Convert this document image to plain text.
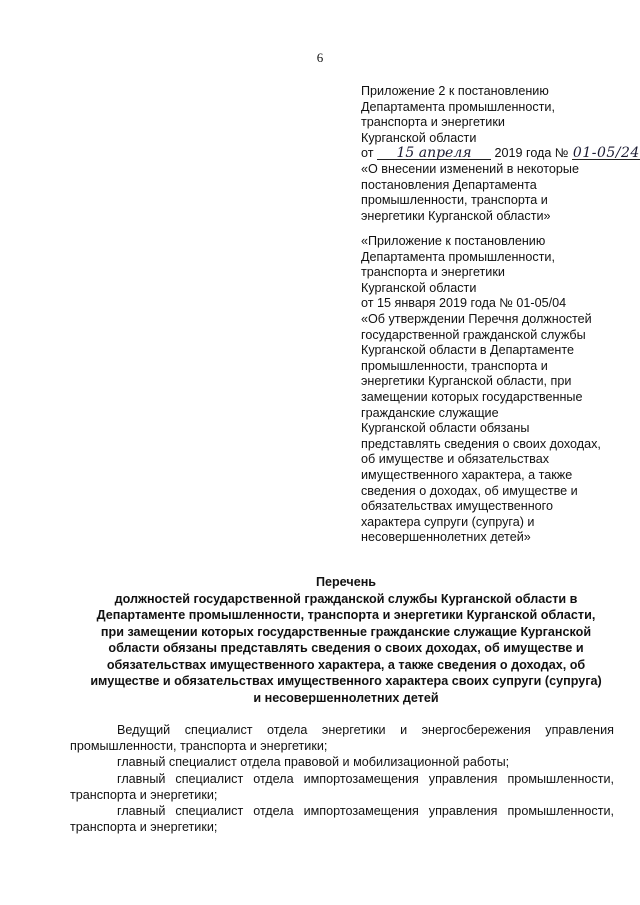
6
Приложение 2 к постановлению
Департамента промышленности,
транспорта и энергетики
Курганской области
от 15 апреля 2019 года № 01-05/24
«О внесении изменений в некоторые
постановления Департамента
промышленности, транспорта и
энергетики Курганской области»
«Приложение к постановлению
Департамента промышленности,
транспорта и энергетики
Курганской области
от 15 января 2019 года № 01-05/04
«Об утверждении Перечня должностей
государственной гражданской службы
Курганской области в Департаменте
промышленности, транспорта и
энергетики Курганской области, при
замещении которых государственные
гражданские служащие
Курганской области обязаны
представлять сведения о своих доходах,
об имуществе и обязательствах
имущественного характера, а также
сведения о доходах, об имуществе и
обязательствах имущественного
характера супруги (супруга) и
несовершеннолетних детей»
Перечень
должностей государственной гражданской службы Курганской области в
Департаменте промышленности, транспорта и энергетики Курганской области,
при замещении которых государственные гражданские служащие Курганской
области обязаны представлять сведения о своих доходах, об имуществе и
обязательствах имущественного характера, а также сведения о доходах, об
имуществе и обязательствах имущественного характера своих супруги (супруга)
и несовершеннолетних детей

Ведущий специалист отдела энергетики и энергосбережения управления промышленности, транспорта и энергетики;

главный специалист отдела правовой и мобилизационной работы;

главный специалист отдела импортозамещения управления промышленности, транспорта и энергетики;

главный специалист отдела импортозамещения управления промышленности, транспорта и энергетики;
